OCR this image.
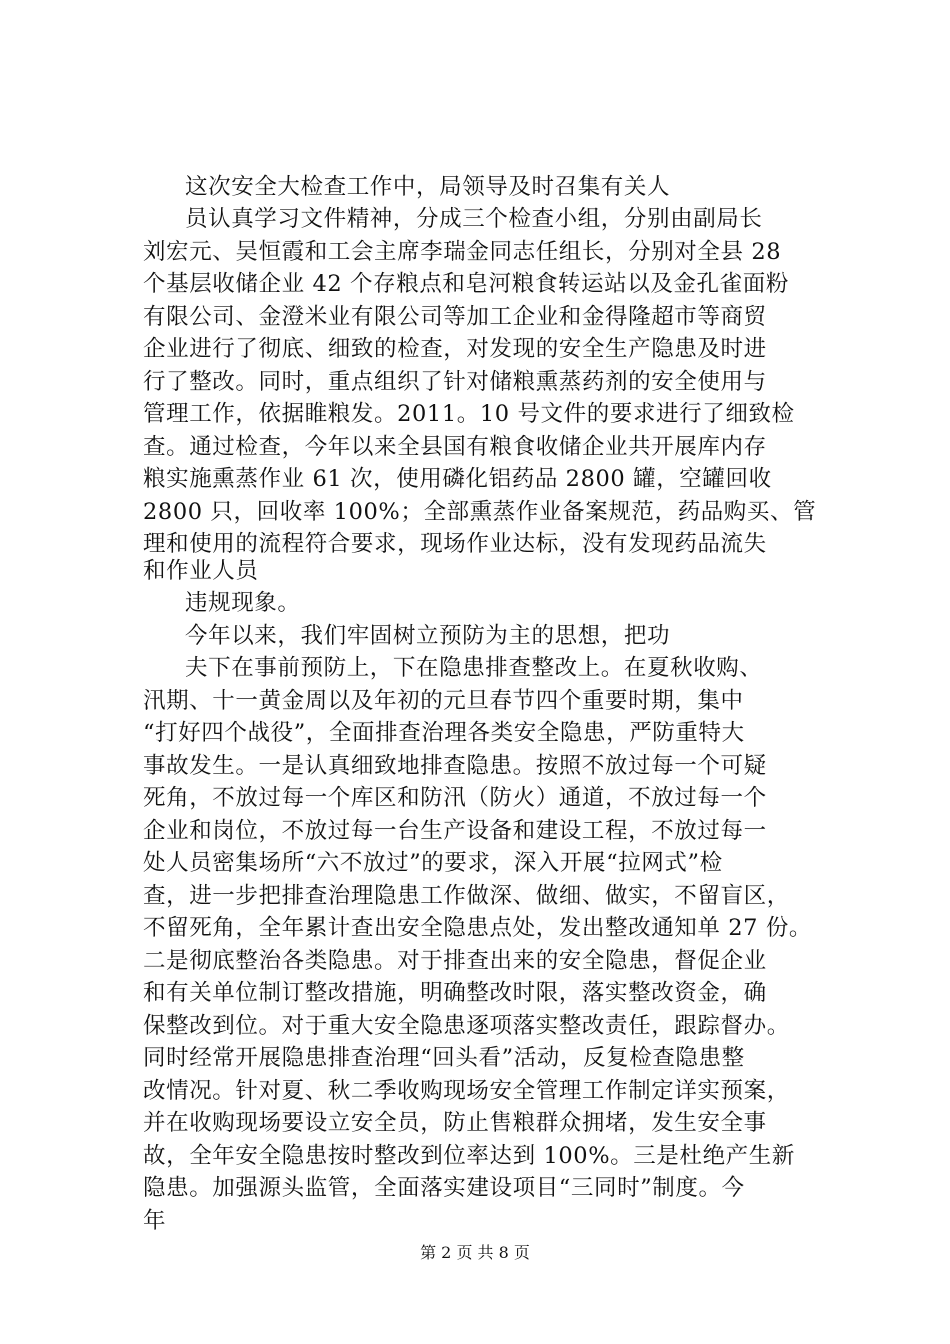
这次安全大检查工作中，局领导及时召集有关人
员认真学习文件精神，分成三个检查小组，分别由副局长
刘宏元、吴恒霞和工会主席李瑞金同志任组长，分别对全县 28
个基层收储企业 42 个存粮点和皂河粮食转运站以及金孔雀面粉
有限公司、金澄米业有限公司等加工企业和金得隆超市等商贸
企业进行了彻底、细致的检查，对发现的安全生产隐患及时进
行了整改。同时，重点组织了针对储粮熏蒸药剂的安全使用与
管理工作，依据睢粮发。2011。10 号文件的要求进行了细致检
查。通过检查，今年以来全县国有粮食收储企业共开展库内存
粮实施熏蒸作业 61 次，使用磷化铝药品 2800 罐，空罐回收
2800 只，回收率 100%；全部熏蒸作业备案规范，药品购买、管
理和使用的流程符合要求，现场作业达标，没有发现药品流失
和作业人员
违规现象。
今年以来，我们牢固树立预防为主的思想，把功
夫下在事前预防上，下在隐患排查整改上。在夏秋收购、
汛期、十一黄金周以及年初的元旦春节四个重要时期，集中
“打好四个战役”，全面排查治理各类安全隐患，严防重特大
事故发生。一是认真细致地排查隐患。按照不放过每一个可疑
死角，不放过每一个库区和防汛（防火）通道，不放过每一个
企业和岗位，不放过每一台生产设备和建设工程，不放过每一
处人员密集场所“六不放过”的要求，深入开展“拉网式”检
查，进一步把排查治理隐患工作做深、做细、做实，不留盲区，
不留死角，全年累计查出安全隐患点处，发出整改通知单 27 份。
二是彻底整治各类隐患。对于排查出来的安全隐患，督促企业
和有关单位制订整改措施，明确整改时限，落实整改资金，确
保整改到位。对于重大安全隐患逐项落实整改责任，跟踪督办。
同时经常开展隐患排查治理“回头看”活动，反复检查隐患整
改情况。针对夏、秋二季收购现场安全管理工作制定详实预案，
并在收购现场要设立安全员，防止售粮群众拥堵，发生安全事
故，全年安全隐患按时整改到位率达到 100%。三是杜绝产生新
隐患。加强源头监管，全面落实建设项目“三同时”制度。今
年
第 2 页 共 8 页
